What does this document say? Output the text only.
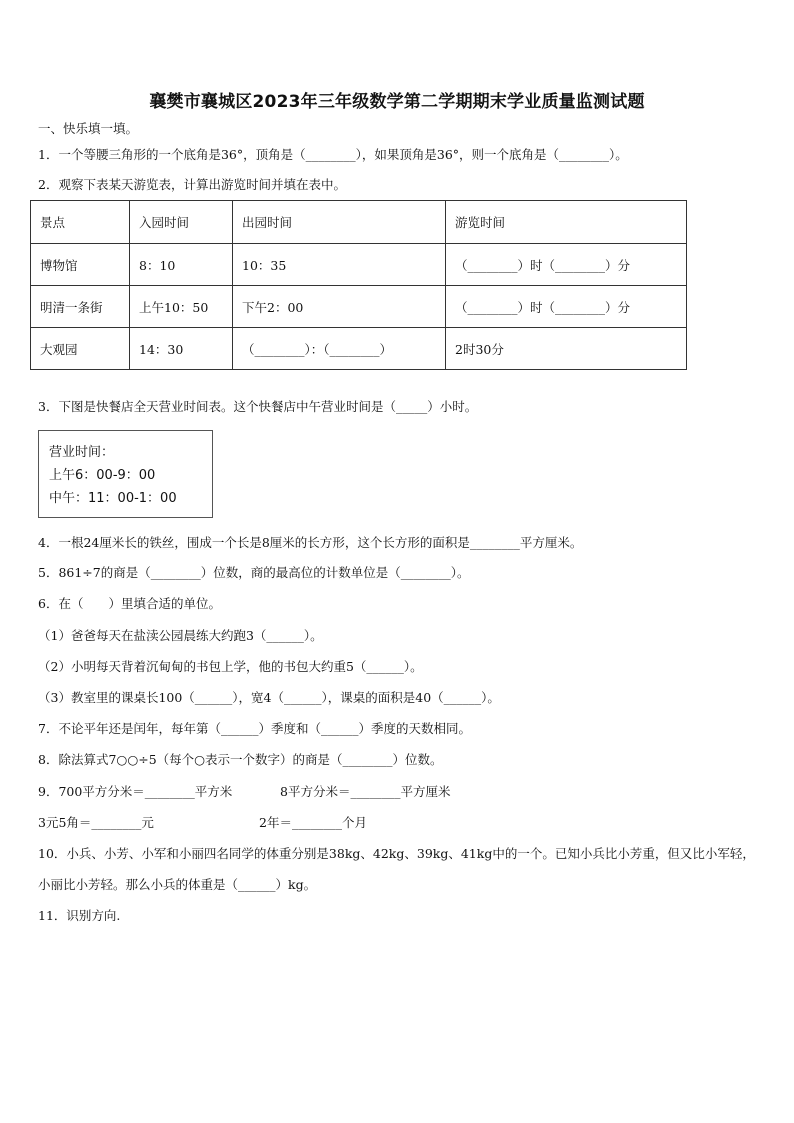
襄樊市襄城区2023年三年级数学第二学期期末学业质量监测试题
一、快乐填一填。
1．一个等腰三角形的一个底角是36°，顶角是（________），如果顶角是36°，则一个底角是（________）。
2．观察下表某天游览表，计算出游览时间并填在表中。
景点	入园时间	出园时间	游览时间
博物馆	8：10	10：35	（________）时（________）分
明清一条街	上午10：50	下午2：00	（________）时（________）分
大观园	14：30	（________）：（________）	2时30分
3．下图是快餐店全天营业时间表。这个快餐店中午营业时间是（_____）小时。
营业时间：
上午6：00-9：00
中午：11：00-1：00
4．一根24厘米长的铁丝，围成一个长是8厘米的长方形，这个长方形的面积是________平方厘米。
5．861÷7的商是（________）位数，商的最高位的计数单位是（________）。
6．在（　　）里填合适的单位。
（1）爸爸每天在盐渎公园晨练大约跑3（______）。
（2）小明每天背着沉甸甸的书包上学，他的书包大约重5（______）。
（3）教室里的课桌长100（______），宽4（______），课桌的面积是40（______）。
7．不论平年还是闰年，每年第（______）季度和（______）季度的天数相同。
8．除法算式7○○÷5（每个○表示一个数字）的商是（________）位数。
9．700平方分米＝________平方米	8平方分米＝________平方厘米
3元5角＝________元	2年＝________个月
10．小兵、小芳、小军和小丽四名同学的体重分别是38kg、42kg、39kg、41kg中的一个。已知小兵比小芳重，但又比小军轻，小丽比小芳轻。那么小兵的体重是（______）kg。
11．识别方向.
